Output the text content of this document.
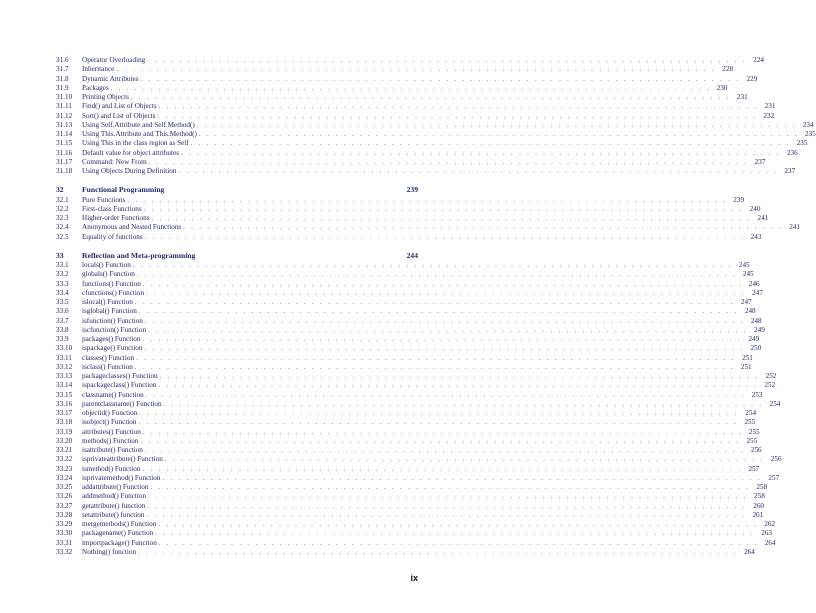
31.6	Operator Overloading . . . . . . . . . . . . . . . . . . . . . . . . . . . . . . . . . . . . . . . . . . . . . . . . . . . . . . . . . . . . . . . . . . . . . . . . . . . 224
31.7	Inheritance . . . . . . . . . . . . . . . . . . . . . . . . . . . . . . . . . . . . . . . . . . . . . . . . . . . . . . . . . . . . . . . . . . . . . . . . . . . 228
31.8	Dynamic Attributes . . . . . . . . . . . . . . . . . . . . . . . . . . . . . . . . . . . . . . . . . . . . . . . . . . . . . . . . . . . . . . . . . . . . . . . . . . . 229
31.9	Packages . . . . . . . . . . . . . . . . . . . . . . . . . . . . . . . . . . . . . . . . . . . . . . . . . . . . . . . . . . . . . . . . . . . . . . . . . . . 230
31.10	Printing Objects . . . . . . . . . . . . . . . . . . . . . . . . . . . . . . . . . . . . . . . . . . . . . . . . . . . . . . . . . . . . . . . . . . . . . . . . . . . 231
31.11	Find() and List of Objects . . . . . . . . . . . . . . . . . . . . . . . . . . . . . . . . . . . . . . . . . . . . . . . . . . . . . . . . . . . . . . . . . . . . . . . . . . . 231
31.12	Sort() and List of Objects . . . . . . . . . . . . . . . . . . . . . . . . . . . . . . . . . . . . . . . . . . . . . . . . . . . . . . . . . . . . . . . . . . . . . . . . . . . 232
31.13	Using Self.Attribute and Self.Method() . . . . . . . . . . . . . . . . . . . . . . . . . . . . . . . . . . . . . . . . . . . . . . . . . . . . . . . . . . . . . . . . . . . . . . . . . . . 234
31.14	Using This.Attribute and This.Method() . . . . . . . . . . . . . . . . . . . . . . . . . . . . . . . . . . . . . . . . . . . . . . . . . . . . . . . . . . . . . . . . . . . . . . . . . . . 235
31.15	Using This in the class region as Self . . . . . . . . . . . . . . . . . . . . . . . . . . . . . . . . . . . . . . . . . . . . . . . . . . . . . . . . . . . . . . . . . . . . . . . . . . . 235
31.16	Default value for object attributes . . . . . . . . . . . . . . . . . . . . . . . . . . . . . . . . . . . . . . . . . . . . . . . . . . . . . . . . . . . . . . . . . . . . . . . . . . . 236
31.17	Command: New From . . . . . . . . . . . . . . . . . . . . . . . . . . . . . . . . . . . . . . . . . . . . . . . . . . . . . . . . . . . . . . . . . . . . . . . . . . . 237
31.18	Using Objects During Definition . . . . . . . . . . . . . . . . . . . . . . . . . . . . . . . . . . . . . . . . . . . . . . . . . . . . . . . . . . . . . . . . . . . . . . . . . . . 237
32	Functional Programming	239
32.1	Pure Functions . . . . . . . . . . . . . . . . . . . . . . . . . . . . . . . . . . . . . . . . . . . . . . . . . . . . . . . . . . . . . . . . . . . . . . . . . . . 239
32.2	First-class Functions . . . . . . . . . . . . . . . . . . . . . . . . . . . . . . . . . . . . . . . . . . . . . . . . . . . . . . . . . . . . . . . . . . . . . . . . . . . 240
32.3	Higher-order Functions . . . . . . . . . . . . . . . . . . . . . . . . . . . . . . . . . . . . . . . . . . . . . . . . . . . . . . . . . . . . . . . . . . . . . . . . . . . 241
32.4	Anonymous and Nested Functions . . . . . . . . . . . . . . . . . . . . . . . . . . . . . . . . . . . . . . . . . . . . . . . . . . . . . . . . . . . . . . . . . . . . . . . . . . . 241
32.5	Equality of functions . . . . . . . . . . . . . . . . . . . . . . . . . . . . . . . . . . . . . . . . . . . . . . . . . . . . . . . . . . . . . . . . . . . . . . . . . . . 243
33	Reflection and Meta-programming	244
33.1	locals() Function . . . . . . . . . . . . . . . . . . . . . . . . . . . . . . . . . . . . . . . . . . . . . . . . . . . . . . . . . . . . . . . . . . . . . . . . . . . 245
33.2	globals() Function . . . . . . . . . . . . . . . . . . . . . . . . . . . . . . . . . . . . . . . . . . . . . . . . . . . . . . . . . . . . . . . . . . . . . . . . . . . 245
33.3	functions() Function . . . . . . . . . . . . . . . . . . . . . . . . . . . . . . . . . . . . . . . . . . . . . . . . . . . . . . . . . . . . . . . . . . . . . . . . . . . 246
33.4	cfunctions() Function . . . . . . . . . . . . . . . . . . . . . . . . . . . . . . . . . . . . . . . . . . . . . . . . . . . . . . . . . . . . . . . . . . . . . . . . . . . 247
33.5	islocal() Function . . . . . . . . . . . . . . . . . . . . . . . . . . . . . . . . . . . . . . . . . . . . . . . . . . . . . . . . . . . . . . . . . . . . . . . . . . . 247
33.6	isglobal() Function . . . . . . . . . . . . . . . . . . . . . . . . . . . . . . . . . . . . . . . . . . . . . . . . . . . . . . . . . . . . . . . . . . . . . . . . . . . 248
33.7	isfunction() Function . . . . . . . . . . . . . . . . . . . . . . . . . . . . . . . . . . . . . . . . . . . . . . . . . . . . . . . . . . . . . . . . . . . . . . . . . . . 248
33.8	iscfunction() Function . . . . . . . . . . . . . . . . . . . . . . . . . . . . . . . . . . . . . . . . . . . . . . . . . . . . . . . . . . . . . . . . . . . . . . . . . . . 249
33.9	packages() Function . . . . . . . . . . . . . . . . . . . . . . . . . . . . . . . . . . . . . . . . . . . . . . . . . . . . . . . . . . . . . . . . . . . . . . . . . . . 249
33.10	ispackage() Function . . . . . . . . . . . . . . . . . . . . . . . . . . . . . . . . . . . . . . . . . . . . . . . . . . . . . . . . . . . . . . . . . . . . . . . . . . . 250
33.11	classes() Function . . . . . . . . . . . . . . . . . . . . . . . . . . . . . . . . . . . . . . . . . . . . . . . . . . . . . . . . . . . . . . . . . . . . . . . . . . . 251
33.12	isclass() Function . . . . . . . . . . . . . . . . . . . . . . . . . . . . . . . . . . . . . . . . . . . . . . . . . . . . . . . . . . . . . . . . . . . . . . . . . . . 251
33.13	packageclasses() Function . . . . . . . . . . . . . . . . . . . . . . . . . . . . . . . . . . . . . . . . . . . . . . . . . . . . . . . . . . . . . . . . . . . . . . . . . . . 252
33.14	ispackageclass() Function . . . . . . . . . . . . . . . . . . . . . . . . . . . . . . . . . . . . . . . . . . . . . . . . . . . . . . . . . . . . . . . . . . . . . . . . . . . 252
33.15	classname() Function . . . . . . . . . . . . . . . . . . . . . . . . . . . . . . . . . . . . . . . . . . . . . . . . . . . . . . . . . . . . . . . . . . . . . . . . . . . 253
33.16	parentclassname() Function . . . . . . . . . . . . . . . . . . . . . . . . . . . . . . . . . . . . . . . . . . . . . . . . . . . . . . . . . . . . . . . . . . . . . . . . . . . 254
33.17	objectid() Function . . . . . . . . . . . . . . . . . . . . . . . . . . . . . . . . . . . . . . . . . . . . . . . . . . . . . . . . . . . . . . . . . . . . . . . . . . . 254
33.18	isobject() Function . . . . . . . . . . . . . . . . . . . . . . . . . . . . . . . . . . . . . . . . . . . . . . . . . . . . . . . . . . . . . . . . . . . . . . . . . . . 255
33.19	attributes() Function . . . . . . . . . . . . . . . . . . . . . . . . . . . . . . . . . . . . . . . . . . . . . . . . . . . . . . . . . . . . . . . . . . . . . . . . . . . 255
33.20	methods() Function . . . . . . . . . . . . . . . . . . . . . . . . . . . . . . . . . . . . . . . . . . . . . . . . . . . . . . . . . . . . . . . . . . . . . . . . . . . 255
33.21	isattribute() Function . . . . . . . . . . . . . . . . . . . . . . . . . . . . . . . . . . . . . . . . . . . . . . . . . . . . . . . . . . . . . . . . . . . . . . . . . . . 256
33.22	isprivateattribute() Function . . . . . . . . . . . . . . . . . . . . . . . . . . . . . . . . . . . . . . . . . . . . . . . . . . . . . . . . . . . . . . . . . . . . . . . . . . . 256
33.23	ismethod() Function . . . . . . . . . . . . . . . . . . . . . . . . . . . . . . . . . . . . . . . . . . . . . . . . . . . . . . . . . . . . . . . . . . . . . . . . . . . 257
33.24	isprivatemethod() Function . . . . . . . . . . . . . . . . . . . . . . . . . . . . . . . . . . . . . . . . . . . . . . . . . . . . . . . . . . . . . . . . . . . . . . . . . . . 257
33.25	addattribute() Function . . . . . . . . . . . . . . . . . . . . . . . . . . . . . . . . . . . . . . . . . . . . . . . . . . . . . . . . . . . . . . . . . . . . . . . . . . . 258
33.26	addmethod() Function . . . . . . . . . . . . . . . . . . . . . . . . . . . . . . . . . . . . . . . . . . . . . . . . . . . . . . . . . . . . . . . . . . . . . . . . . . . 258
33.27	getattribute() function . . . . . . . . . . . . . . . . . . . . . . . . . . . . . . . . . . . . . . . . . . . . . . . . . . . . . . . . . . . . . . . . . . . . . . . . . . . 260
33.28	setattribute() function . . . . . . . . . . . . . . . . . . . . . . . . . . . . . . . . . . . . . . . . . . . . . . . . . . . . . . . . . . . . . . . . . . . . . . . . . . . 261
33.29	mergemethods() Function . . . . . . . . . . . . . . . . . . . . . . . . . . . . . . . . . . . . . . . . . . . . . . . . . . . . . . . . . . . . . . . . . . . . . . . . . . . 262
33.30	packagename() Function . . . . . . . . . . . . . . . . . . . . . . . . . . . . . . . . . . . . . . . . . . . . . . . . . . . . . . . . . . . . . . . . . . . . . . . . . . . 263
33.31	importpackage() Function . . . . . . . . . . . . . . . . . . . . . . . . . . . . . . . . . . . . . . . . . . . . . . . . . . . . . . . . . . . . . . . . . . . . . . . . . . . 264
33.32	Nothing() function . . . . . . . . . . . . . . . . . . . . . . . . . . . . . . . . . . . . . . . . . . . . . . . . . . . . . . . . . . . . . . . . . . . . . . . . . . . 264
ix
